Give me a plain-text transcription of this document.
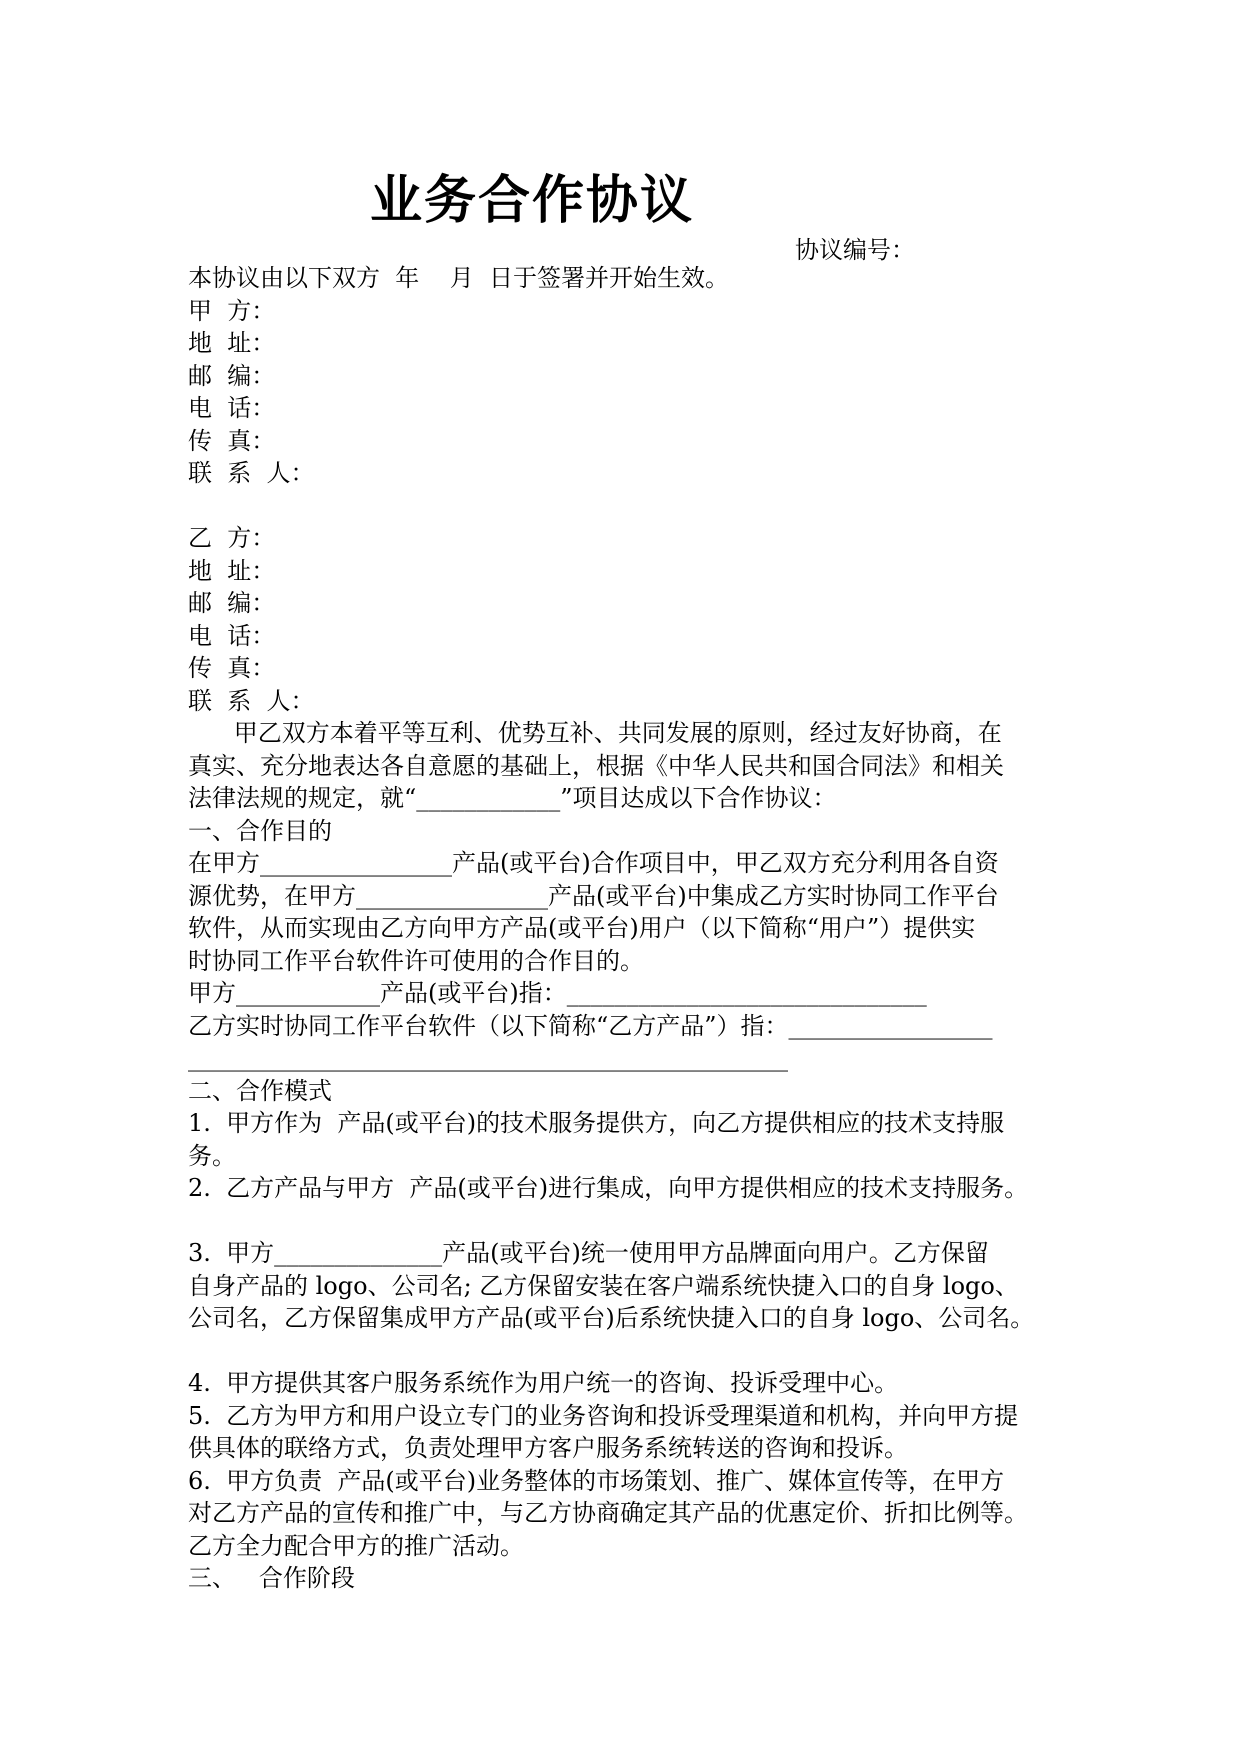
业务合作协议
协议编号：
本协议由以下双方  年    月  日于签署并开始生效。
甲  方：
地  址：
邮  编：
电  话：
传  真：
联  系  人：
乙  方：
地  址：
邮  编：
电  话：
传  真：
联  系  人：
甲乙双方本着平等互利、优势互补、共同发展的原则，经过友好协商，在
真实、充分地表达各自意愿的基础上，根据《中华人民共和国合同法》和相关
法律法规的规定，就“____________”项目达成以下合作协议：
一、合作目的
在甲方________________产品(或平台)合作项目中，甲乙双方充分利用各自资
源优势，在甲方________________产品(或平台)中集成乙方实时协同工作平台
软件，从而实现由乙方向甲方产品(或平台)用户（以下简称“用户”）提供实
时协同工作平台软件许可使用的合作目的。
甲方____________产品(或平台)指：______________________________
乙方实时协同工作平台软件（以下简称“乙方产品”）指：_________________
__________________________________________________
二、合作模式
1.  甲方作为  产品(或平台)的技术服务提供方，向乙方提供相应的技术支持服
务。
2.  乙方产品与甲方  产品(或平台)进行集成，向甲方提供相应的技术支持服务。
3.  甲方______________产品(或平台)统一使用甲方品牌面向用户。乙方保留
自身产品的 logo、公司名; 乙方保留安装在客户端系统快捷入口的自身 logo、
公司名，乙方保留集成甲方产品(或平台)后系统快捷入口的自身 logo、公司名。
4.  甲方提供其客户服务系统作为用户统一的咨询、投诉受理中心。
5.  乙方为甲方和用户设立专门的业务咨询和投诉受理渠道和机构，并向甲方提
供具体的联络方式，负责处理甲方客户服务系统转送的咨询和投诉。
6.  甲方负责  产品(或平台)业务整体的市场策划、推广、媒体宣传等，在甲方
对乙方产品的宣传和推广中，与乙方协商确定其产品的优惠定价、折扣比例等。
乙方全力配合甲方的推广活动。
三、   合作阶段
